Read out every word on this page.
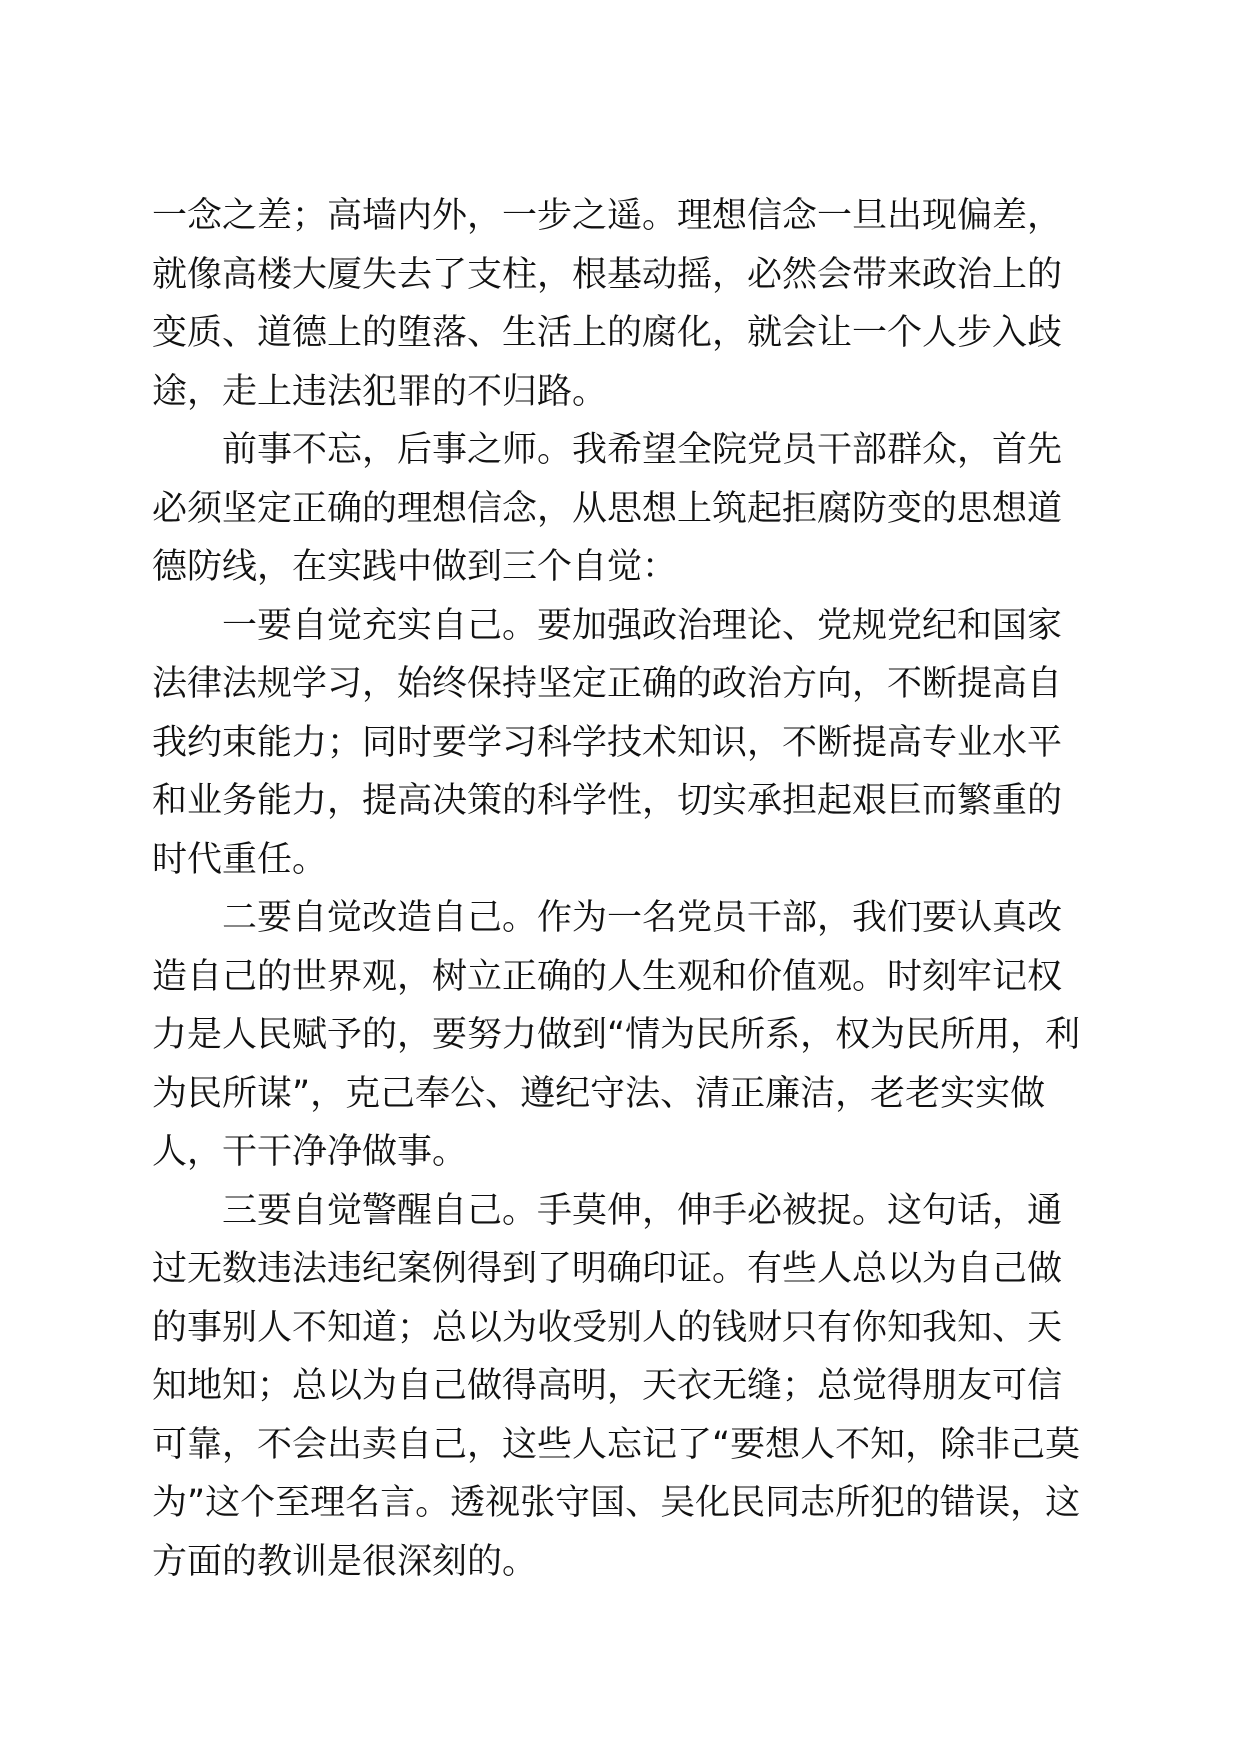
一念之差；高墙内外，一步之遥。理想信念一旦出现偏差，就像高楼大厦失去了支柱，根基动摇，必然会带来政治上的变质、道德上的堕落、生活上的腐化，就会让一个人步入歧途，走上违法犯罪的不归路。

前事不忘，后事之师。我希望全院党员干部群众，首先必须坚定正确的理想信念，从思想上筑起拒腐防变的思想道德防线，在实践中做到三个自觉：

一要自觉充实自己。要加强政治理论、党规党纪和国家法律法规学习，始终保持坚定正确的政治方向，不断提高自我约束能力；同时要学习科学技术知识，不断提高专业水平和业务能力，提高决策的科学性，切实承担起艰巨而繁重的时代重任。

二要自觉改造自己。作为一名党员干部，我们要认真改造自己的世界观，树立正确的人生观和价值观。时刻牢记权力是人民赋予的，要努力做到“情为民所系，权为民所用，利为民所谋”，克己奉公、遵纪守法、清正廉洁，老老实实做人，干干净净做事。

三要自觉警醒自己。手莫伸，伸手必被捉。这句话，通过无数违法违纪案例得到了明确印证。有些人总以为自己做的事别人不知道；总以为收受别人的钱财只有你知我知、天知地知；总以为自己做得高明，天衣无缝；总觉得朋友可信可靠，不会出卖自己，这些人忘记了“要想人不知，除非己莫为”这个至理名言。透视张守国、吴化民同志所犯的错误，这方面的教训是很深刻的。
